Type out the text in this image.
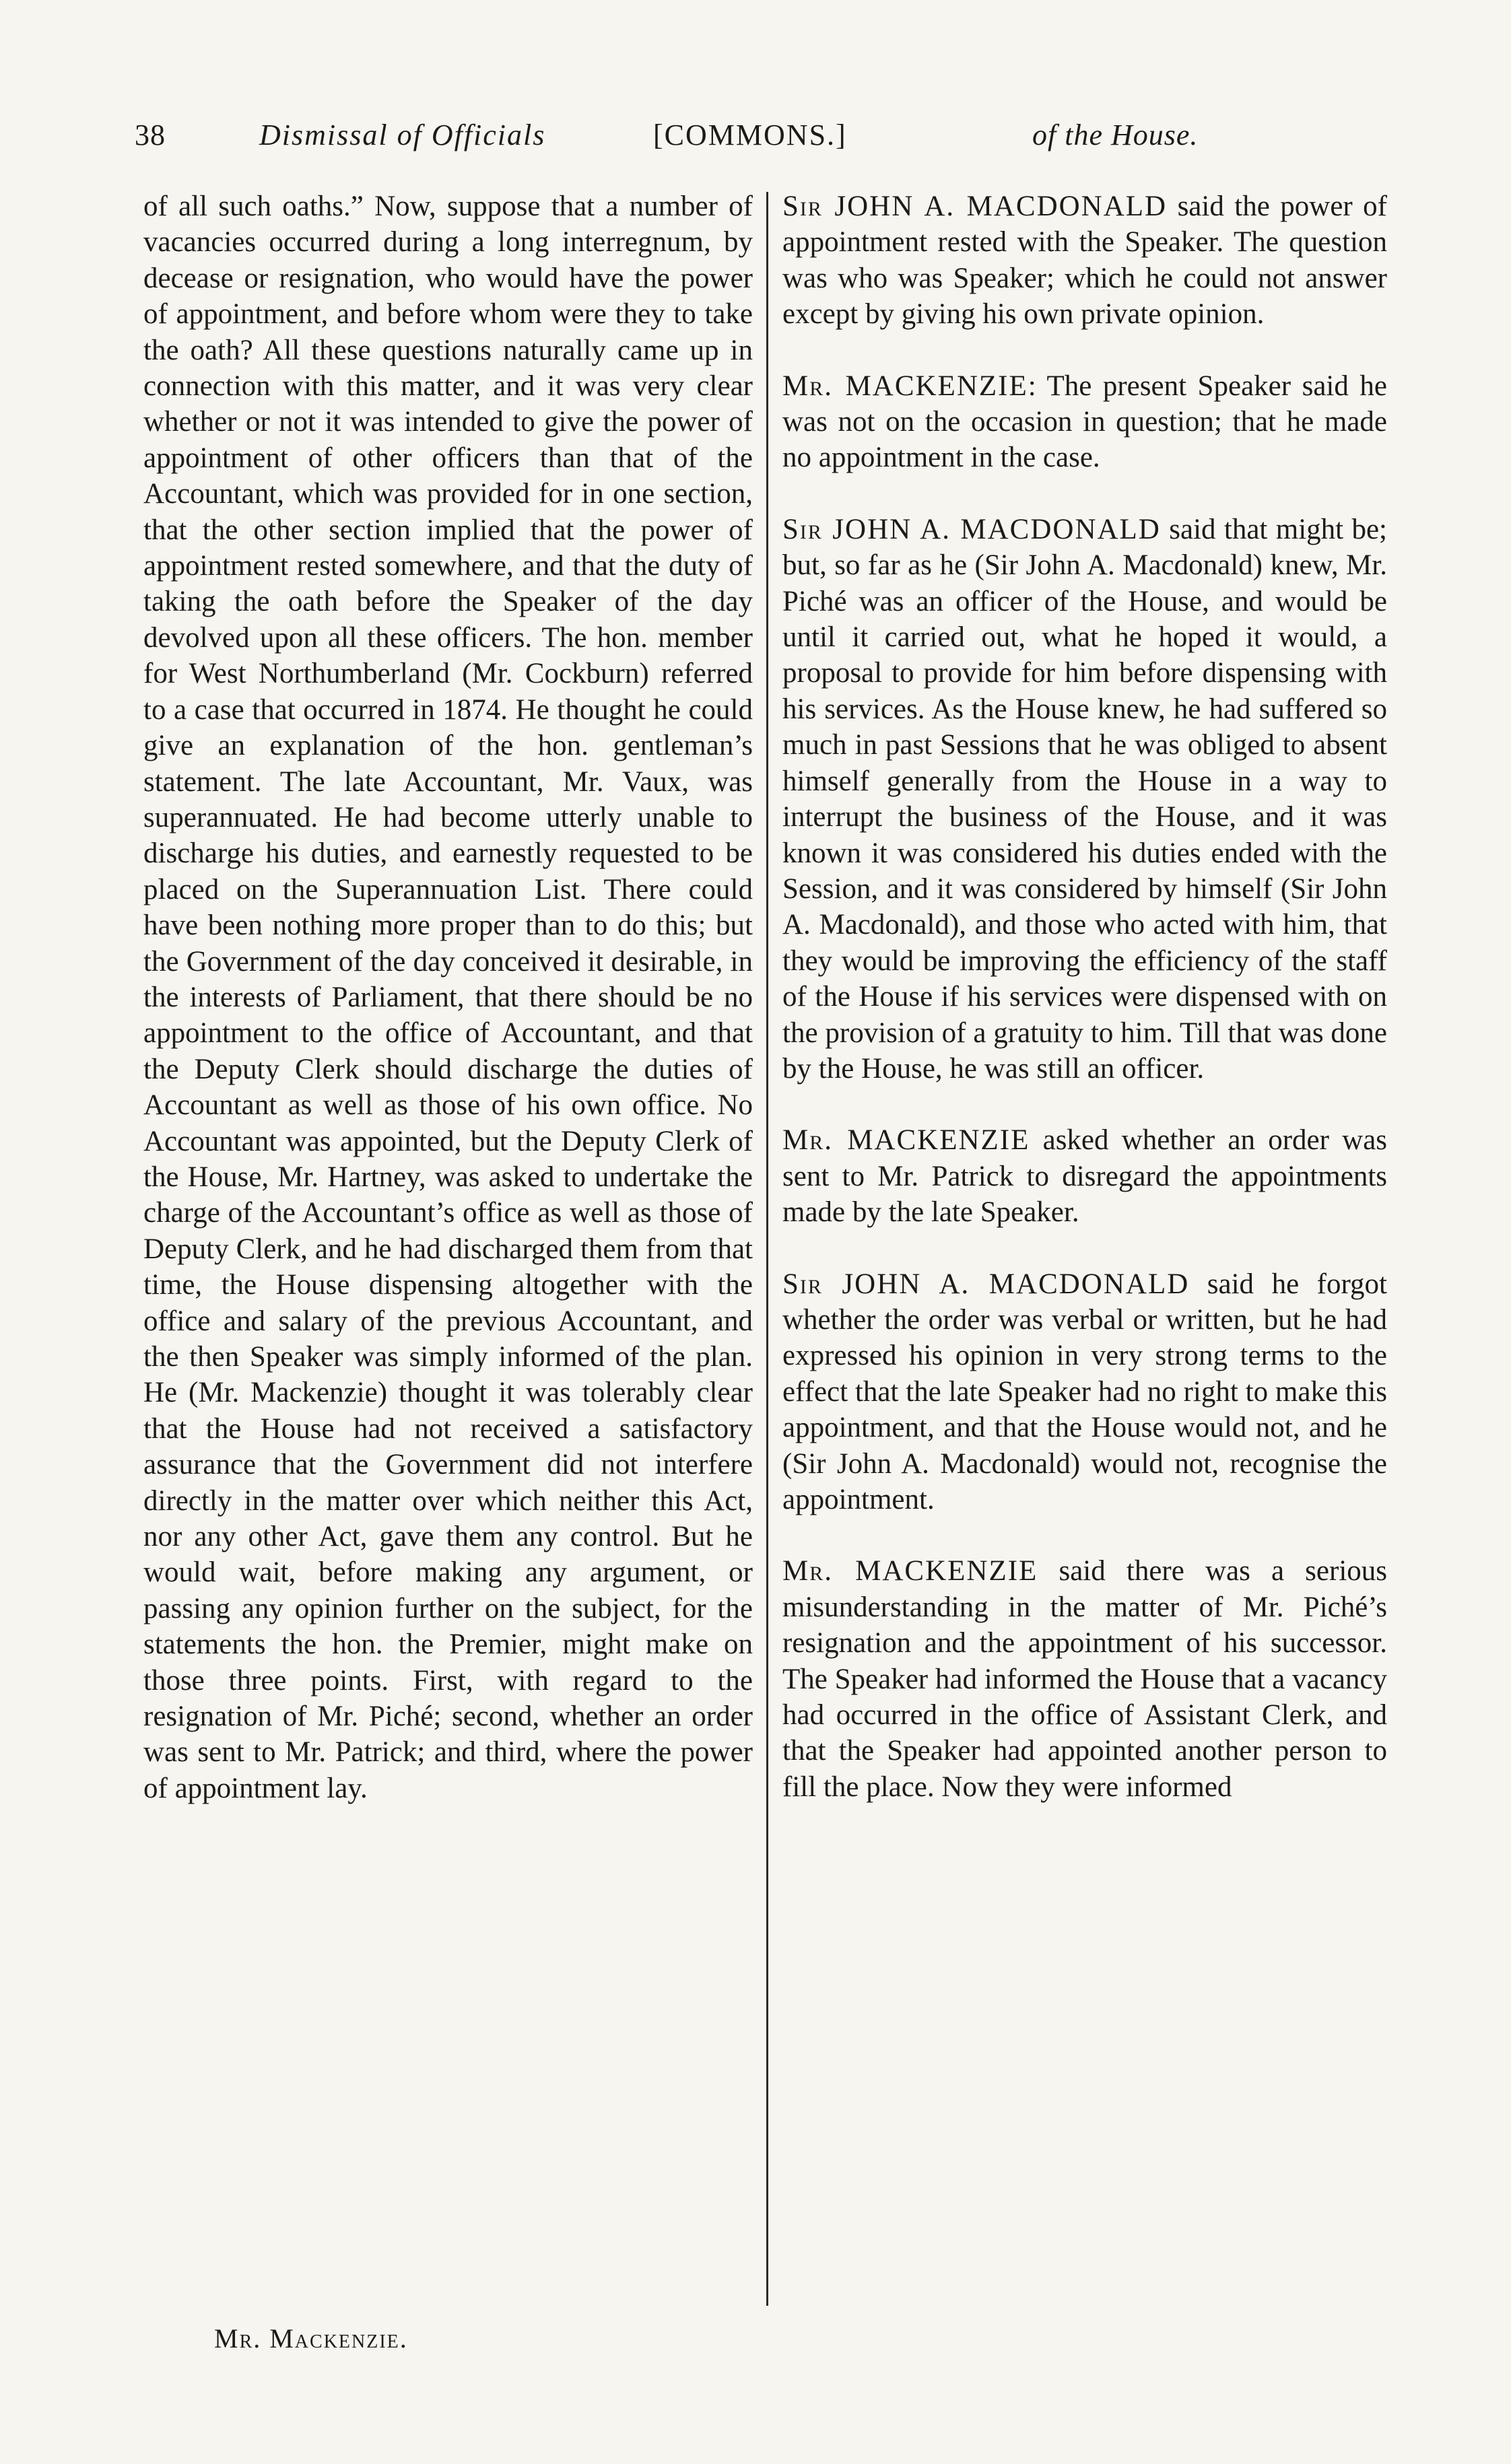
38	Dismissal of Officials	[COMMONS.]	of the House.

of all such oaths.” Now, suppose that a number of vacancies occurred during a long interregnum, by decease or resignation, who would have the power of appointment, and before whom were they to take the oath? All these questions naturally came up in connection with this matter, and it was very clear whether or not it was intended to give the power of appointment of other officers than that of the Accountant, which was provided for in one section, that the other section implied that the power of appointment rested somewhere, and that the duty of taking the oath before the Speaker of the day devolved upon all these officers. The hon. member for West Northumberland (Mr. Cockburn) referred to a case that occurred in 1874. He thought he could give an explanation of the hon. gentleman’s statement. The late Accountant, Mr. Vaux, was superannuated. He had become utterly unable to discharge his duties, and earnestly requested to be placed on the Superannuation List. There could have been nothing more proper than to do this; but the Government of the day conceived it desirable, in the interests of Parliament, that there should be no appointment to the office of Accountant, and that the Deputy Clerk should discharge the duties of Accountant as well as those of his own office. No Accountant was appointed, but the Deputy Clerk of the House, Mr. Hartney, was asked to undertake the charge of the Accountant’s office as well as those of Deputy Clerk, and he had discharged them from that time, the House dispensing altogether with the office and salary of the previous Accountant, and the then Speaker was simply informed of the plan. He (Mr. Mackenzie) thought it was tolerably clear that the House had not received a satisfactory assurance that the Government did not interfere directly in the matter over which neither this Act, nor any other Act, gave them any control. But he would wait, before making any argument, or passing any opinion further on the subject, for the statements the hon. the Premier, might make on those three points. First, with regard to the resignation of Mr. Piché; second, whether an order was sent to Mr. Patrick; and third, where the power of appointment lay.

Sir JOHN A. MACDONALD said the power of appointment rested with the Speaker. The question was who was Speaker; which he could not answer except by giving his own private opinion.

Mr. MACKENZIE: The present Speaker said he was not on the occasion in question; that he made no appointment in the case.

Sir JOHN A. MACDONALD said that might be; but, so far as he (Sir John A. Macdonald) knew, Mr. Piché was an officer of the House, and would be until it carried out, what he hoped it would, a proposal to provide for him before dispensing with his services. As the House knew, he had suffered so much in past Sessions that he was obliged to absent himself generally from the House in a way to interrupt the business of the House, and it was known it was considered his duties ended with the Session, and it was considered by himself (Sir John A. Macdonald), and those who acted with him, that they would be improving the efficiency of the staff of the House if his services were dispensed with on the provision of a gratuity to him. Till that was done by the House, he was still an officer.

Mr. MACKENZIE asked whether an order was sent to Mr. Patrick to disregard the appointments made by the late Speaker.

Sir JOHN A. MACDONALD said he forgot whether the order was verbal or written, but he had expressed his opinion in very strong terms to the effect that the late Speaker had no right to make this appointment, and that the House would not, and he (Sir John A. Macdonald) would not, recognise the appointment.

Mr. MACKENZIE said there was a serious misunderstanding in the matter of Mr. Piché’s resignation and the appointment of his successor. The Speaker had informed the House that a vacancy had occurred in the office of Assistant Clerk, and that the Speaker had appointed another person to fill the place. Now they were informed

Mr. Mackenzie.
